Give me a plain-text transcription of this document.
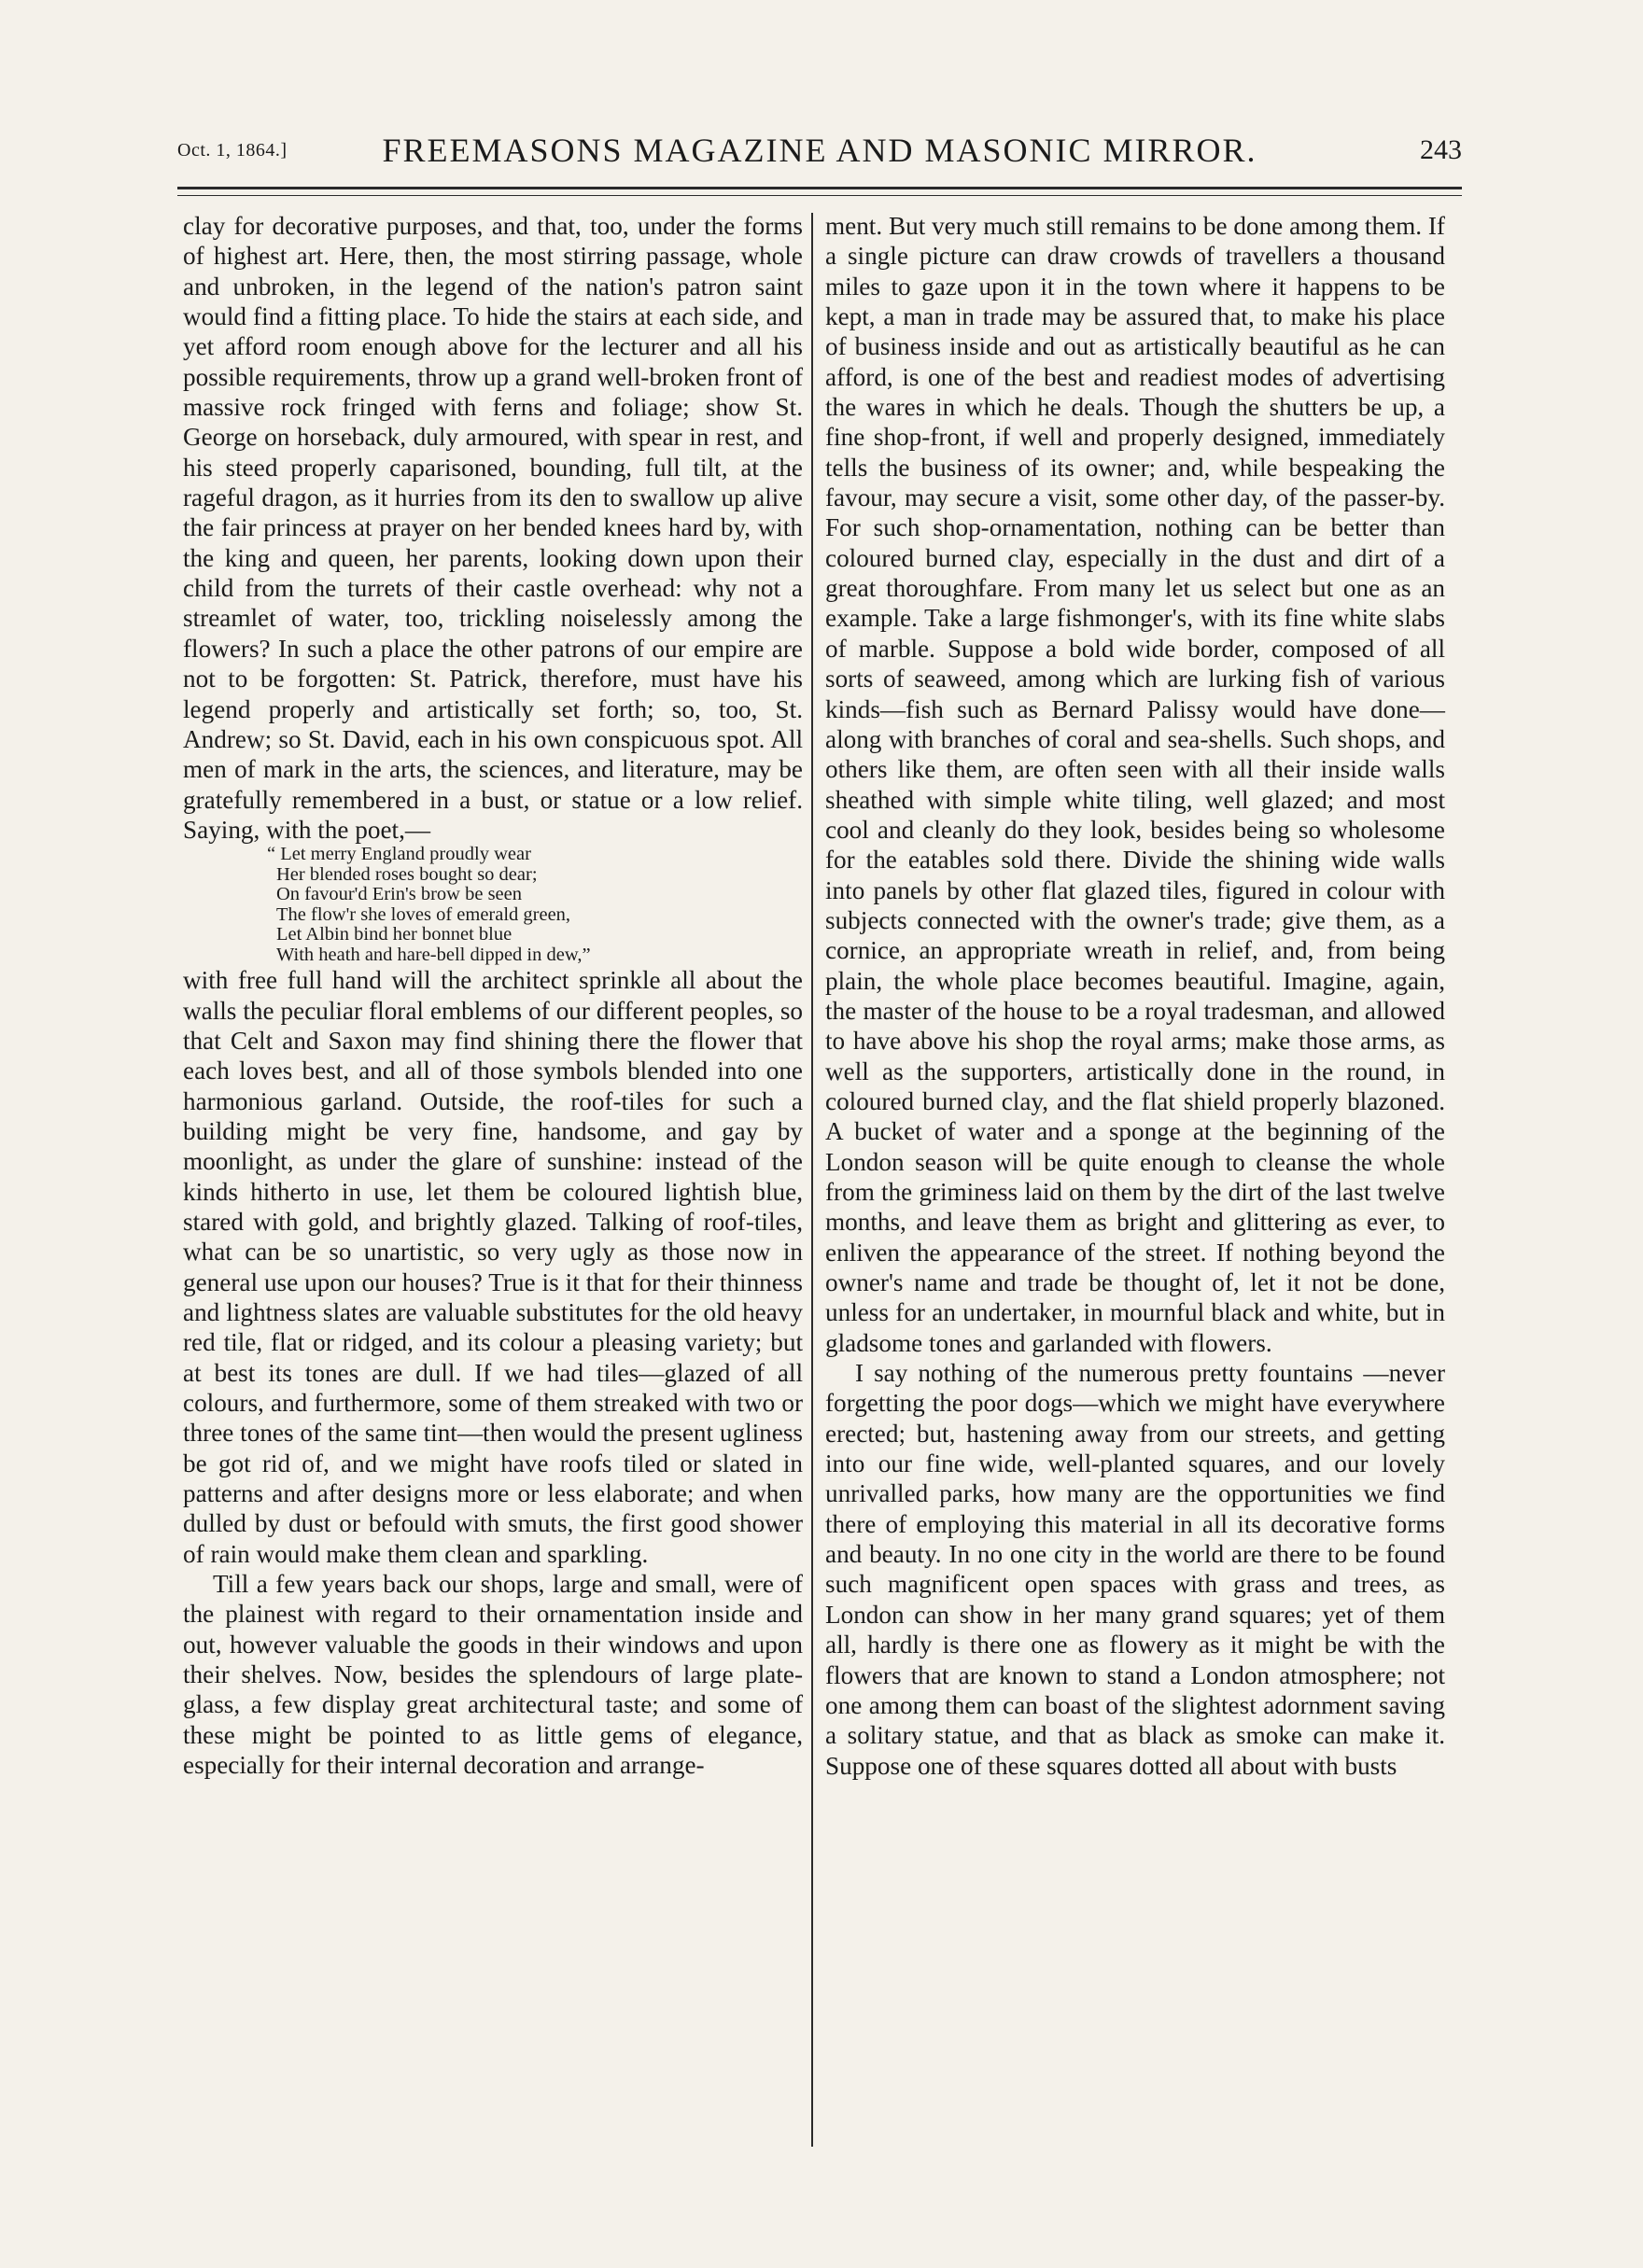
Oct. 1, 1864.]	FREEMASONS MAGAZINE AND MASONIC MIRROR.	243

clay for decorative purposes, and that, too, under the forms of highest art. Here, then, the most stirring passage, whole and unbroken, in the legend of the nation's patron saint would find a fitting place. To hide the stairs at each side, and yet afford room enough above for the lecturer and all his possible requirements, throw up a grand well-broken front of massive rock fringed with ferns and foliage; show St. George on horseback, duly armoured, with spear in rest, and his steed properly caparisoned, bounding, full tilt, at the rageful dragon, as it hurries from its den to swallow up alive the fair princess at prayer on her bended knees hard by, with the king and queen, her parents, looking down upon their child from the turrets of their castle overhead: why not a streamlet of water, too, trickling noiselessly among the flowers? In such a place the other patrons of our empire are not to be forgotten: St. Patrick, therefore, must have his legend properly and artistically set forth; so, too, St. Andrew; so St. David, each in his own conspicuous spot. All men of mark in the arts, the sciences, and literature, may be gratefully remembered in a bust, or statue or a low relief. Saying, with the poet,—

“ Let merry England proudly wear
Her blended roses bought so dear;
On favour'd Erin's brow be seen
The flow'r she loves of emerald green,
Let Albin bind her bonnet blue
With heath and hare-bell dipped in dew,”

with free full hand will the architect sprinkle all about the walls the peculiar floral emblems of our different peoples, so that Celt and Saxon may find shining there the flower that each loves best, and all of those symbols blended into one harmonious garland. Outside, the roof-tiles for such a building might be very fine, handsome, and gay by moonlight, as under the glare of sunshine: instead of the kinds hitherto in use, let them be coloured lightish blue, stared with gold, and brightly glazed. Talking of roof-tiles, what can be so unartistic, so very ugly as those now in general use upon our houses? True is it that for their thinness and lightness slates are valuable substitutes for the old heavy red tile, flat or ridged, and its colour a pleasing variety; but at best its tones are dull. If we had tiles—glazed of all colours, and furthermore, some of them streaked with two or three tones of the same tint—then would the present ugliness be got rid of, and we might have roofs tiled or slated in patterns and after designs more or less elaborate; and when dulled by dust or befould with smuts, the first good shower of rain would make them clean and sparkling.

Till a few years back our shops, large and small, were of the plainest with regard to their ornamentation inside and out, however valuable the goods in their windows and upon their shelves. Now, besides the splendours of large plate-glass, a few display great architectural taste; and some of these might be pointed to as little gems of elegance, especially for their internal decoration and arrange-

ment. But very much still remains to be done among them. If a single picture can draw crowds of travellers a thousand miles to gaze upon it in the town where it happens to be kept, a man in trade may be assured that, to make his place of business inside and out as artistically beautiful as he can afford, is one of the best and readiest modes of advertising the wares in which he deals. Though the shutters be up, a fine shop-front, if well and properly designed, immediately tells the business of its owner; and, while bespeaking the favour, may secure a visit, some other day, of the passer-by. For such shop-ornamentation, nothing can be better than coloured burned clay, especially in the dust and dirt of a great thoroughfare. From many let us select but one as an example. Take a large fishmonger's, with its fine white slabs of marble. Suppose a bold wide border, composed of all sorts of seaweed, among which are lurking fish of various kinds—fish such as Bernard Palissy would have done—along with branches of coral and sea-shells. Such shops, and others like them, are often seen with all their inside walls sheathed with simple white tiling, well glazed; and most cool and cleanly do they look, besides being so wholesome for the eatables sold there. Divide the shining wide walls into panels by other flat glazed tiles, figured in colour with subjects connected with the owner's trade; give them, as a cornice, an appropriate wreath in relief, and, from being plain, the whole place becomes beautiful. Imagine, again, the master of the house to be a royal tradesman, and allowed to have above his shop the royal arms; make those arms, as well as the supporters, artistically done in the round, in coloured burned clay, and the flat shield properly blazoned. A bucket of water and a sponge at the beginning of the London season will be quite enough to cleanse the whole from the griminess laid on them by the dirt of the last twelve months, and leave them as bright and glittering as ever, to enliven the appearance of the street. If nothing beyond the owner's name and trade be thought of, let it not be done, unless for an undertaker, in mournful black and white, but in gladsome tones and garlanded with flowers.

I say nothing of the numerous pretty fountains —never forgetting the poor dogs—which we might have everywhere erected; but, hastening away from our streets, and getting into our fine wide, well-planted squares, and our lovely unrivalled parks, how many are the opportunities we find there of employing this material in all its decorative forms and beauty. In no one city in the world are there to be found such magnificent open spaces with grass and trees, as London can show in her many grand squares; yet of them all, hardly is there one as flowery as it might be with the flowers that are known to stand a London atmosphere; not one among them can boast of the slightest adornment saving a solitary statue, and that as black as smoke can make it. Suppose one of these squares dotted all about with busts
